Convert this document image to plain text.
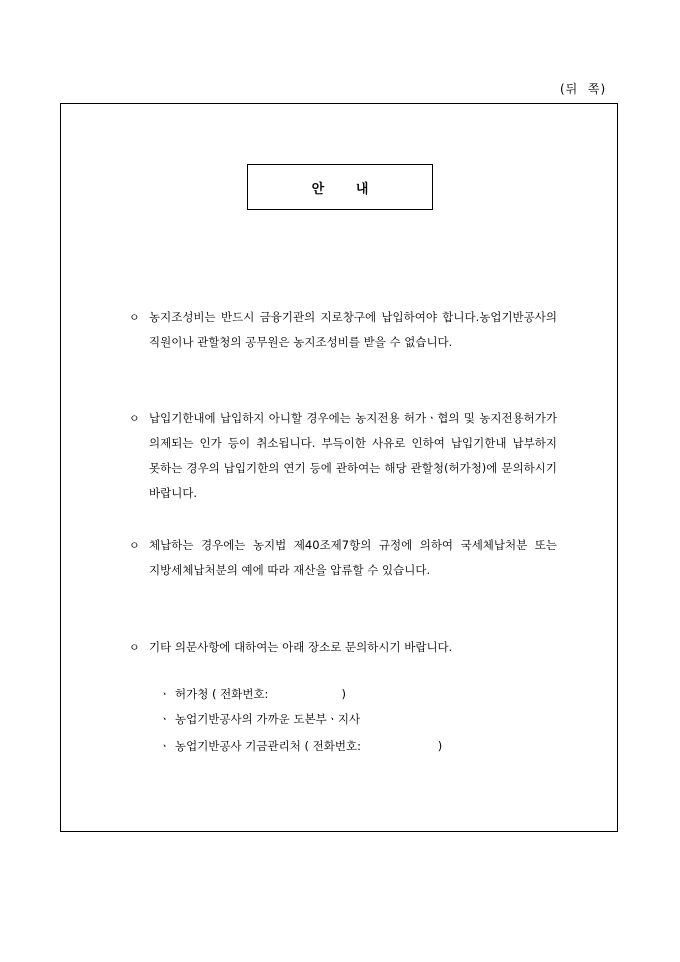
(뒤  쪽)
안       내
ㅇ 농지조성비는 반드시 금융기관의 지로창구에 납입하여야 합니다.농업기반공사의 직원이나 관할청의 공무원은 농지조성비를 받을 수 없습니다.
ㅇ 납입기한내에 납입하지 아니할 경우에는 농지전용 허가ㆍ협의 및 농지전용허가가 의제되는 인가 등이 취소됩니다. 부득이한 사유로 인하여 납입기한내 납부하지 못하는 경우의 납입기한의 연기 등에 관하여는 해당 관할청(허가청)에 문의하시기 바랍니다.
ㅇ 체납하는 경우에는 농지법 제40조제7항의 규정에 의하여 국세체납처분 또는 지방세체납처분의 예에 따라 재산을 압류할 수 있습니다.
ㅇ 기타 의문사항에 대하여는 아래 장소로 문의하시기 바랍니다.
ㆍ 허가청 ( 전화번호:                    )
ㆍ 농업기반공사의 가까운 도본부ㆍ지사
ㆍ 농업기반공사 기금관리처 ( 전화번호:                     )
